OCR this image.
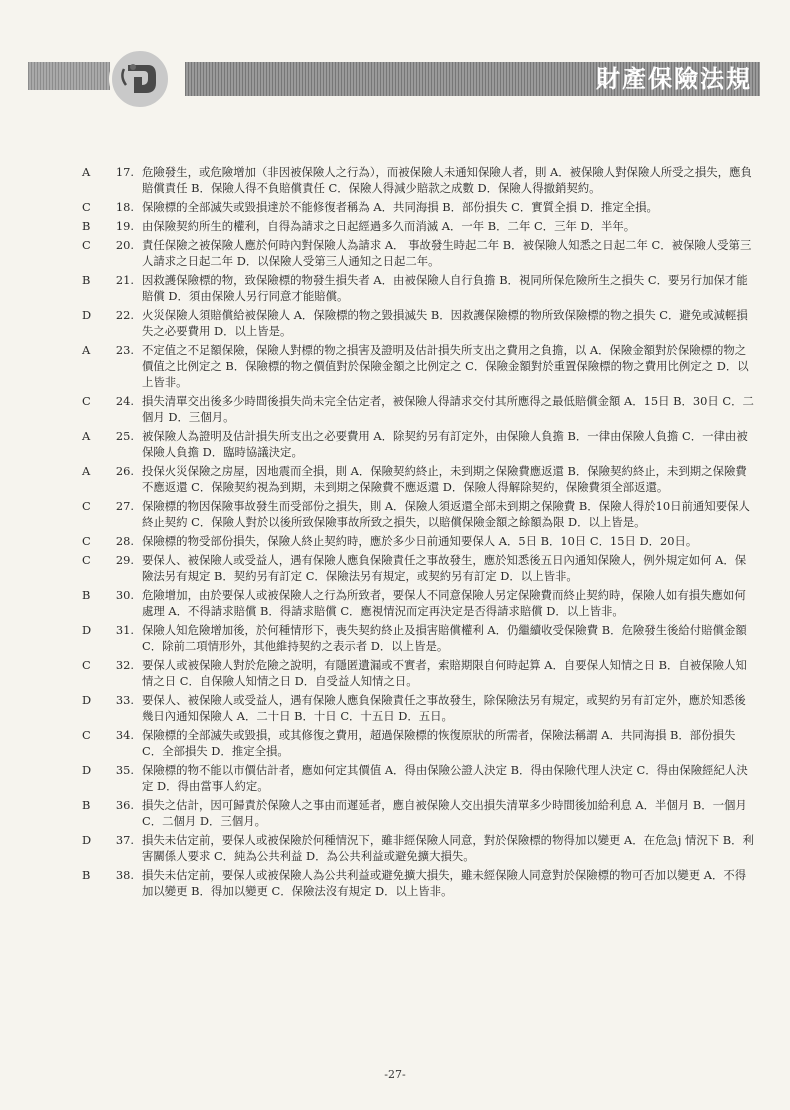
財產保險法規
A 17. 危險發生，或危險增加（非因被保險人之行為），而被保險人未通知保險人者，則 A．被保險人對保險人所受之損失，應負賠償責任 B．保險人得不負賠償責任 C．保險人得減少賠款之成數 D．保險人得撤銷契約。
C 18. 保險標的全部滅失或毀損達於不能修復者稱為 A．共同海損 B．部份損失 C．實質全損 D．推定全損。
B 19. 由保險契約所生的權利，自得為請求之日起經過多久而消滅 A．一年 B．二年 C．三年 D．半年。
C 20. 責任保險之被保險人應於何時內對保險人為請求 A． 事故發生時起二年 B．被保險人知悉之日起二年 C．被保險人受第三人請求之日起二年 D．以保險人受第三人通知之日起二年。
B 21. 因救護保險標的物，致保險標的物發生損失者 A．由被保險人自行負擔 B．視同所保危險所生之損失 C．要另行加保才能賠償 D．須由保險人另行同意才能賠償。
D 22. 火災保險人須賠償給被保險人 A．保險標的物之毀損滅失 B．因救護保險標的物所致保險標的物之損失 C．避免或減輕損失之必要費用 D．以上皆是。
A 23. 不定值之不足額保險，保險人對標的物之損害及證明及估計損失所支出之費用之負擔，以 A．保險金額對於保險標的物之價值之比例定之 B．保險標的物之價值對於保險金額之比例定之 C．保險金額對於重置保險標的物之費用比例定之 D．以上皆非。
C 24. 損失清單交出後多少時間後損失尚未完全估定者，被保險人得請求交付其所應得之最低賠償金額 A．15日 B．30日 C．二個月 D．三個月。
A 25. 被保險人為證明及估計損失所支出之必要費用 A．除契約另有訂定外，由保險人負擔 B．一律由保險人負擔 C．一律由被保險人負擔 D．臨時協議決定。
A 26. 投保火災保險之房屋，因地震而全損，則 A．保險契約終止，未到期之保險費應返還 B．保險契約終止，未到期之保險費不應返還 C．保險契約視為到期，未到期之保險費不應返還 D．保險人得解除契約，保險費須全部返還。
C 27. 保險標的物因保險事故發生而受部份之損失，則 A．保險人須返還全部未到期之保險費 B．保險人得於10日前通知要保人終止契約 C．保險人對於以後所致保險事故所致之損失，以賠償保險金額之餘額為限 D．以上皆是。
C 28. 保險標的物受部份損失，保險人終止契約時，應於多少日前通知要保人 A．5日 B．10日 C．15日 D．20日。
C 29. 要保人、被保險人或受益人，遇有保險人應負保險責任之事故發生，應於知悉後五日內通知保險人，例外規定如何 A．保險法另有規定 B．契約另有訂定 C．保險法另有規定，或契約另有訂定 D．以上皆非。
B 30. 危險增加，由於要保人或被保險人之行為所致者，要保人不同意保險人另定保險費而終止契約時，保險人如有損失應如何處理 A．不得請求賠償 B．得請求賠償 C．應視情況而定再決定是否得請求賠償 D．以上皆非。
D 31. 保險人知危險增加後，於何種情形下，喪失契約終止及損害賠償權利 A．仍繼續收受保險費 B．危險發生後給付賠償金額 C．除前二項情形外，其他維持契約之表示者 D．以上皆是。
C 32. 要保人或被保險人對於危險之說明，有隱匿遺漏或不實者，索賠期限自何時起算 A．自要保人知情之日 B．自被保險人知情之日 C．自保險人知情之日 D．自受益人知情之日。
D 33. 要保人、被保險人或受益人，遇有保險人應負保險責任之事故發生，除保險法另有規定，或契約另有訂定外，應於知悉後幾日內通知保險人 A．二十日 B．十日 C．十五日 D．五日。
C 34. 保險標的全部滅失或毀損，或其修復之費用，超過保險標的恢復原狀的所需者，保險法稱謂 A．共同海損 B．部份損失 C．全部損失 D．推定全損。
D 35. 保險標的物不能以市價估計者，應如何定其價值 A．得由保險公證人決定 B．得由保險代理人決定 C．得由保險經紀人決定 D．得由當事人約定。
B 36. 損失之估計，因可歸責於保險人之事由而遲延者，應自被保險人交出損失清單多少時間後加給利息 A．半個月 B．一個月 C．二個月 D．三個月。
D 37. 損失未估定前，要保人或被保險於何種情況下，雖非經保險人同意，對於保險標的物得加以變更 A．在危急j 情況下 B．利害關係人要求 C．純為公共利益 D．為公共利益或避免擴大損失。
B 38. 損失未估定前，要保人或被保險人為公共利益或避免擴大損失，雖未經保險人同意對於保險標的物可否加以變更 A．不得加以變更 B．得加以變更 C．保險法沒有規定 D．以上皆非。
-27-
